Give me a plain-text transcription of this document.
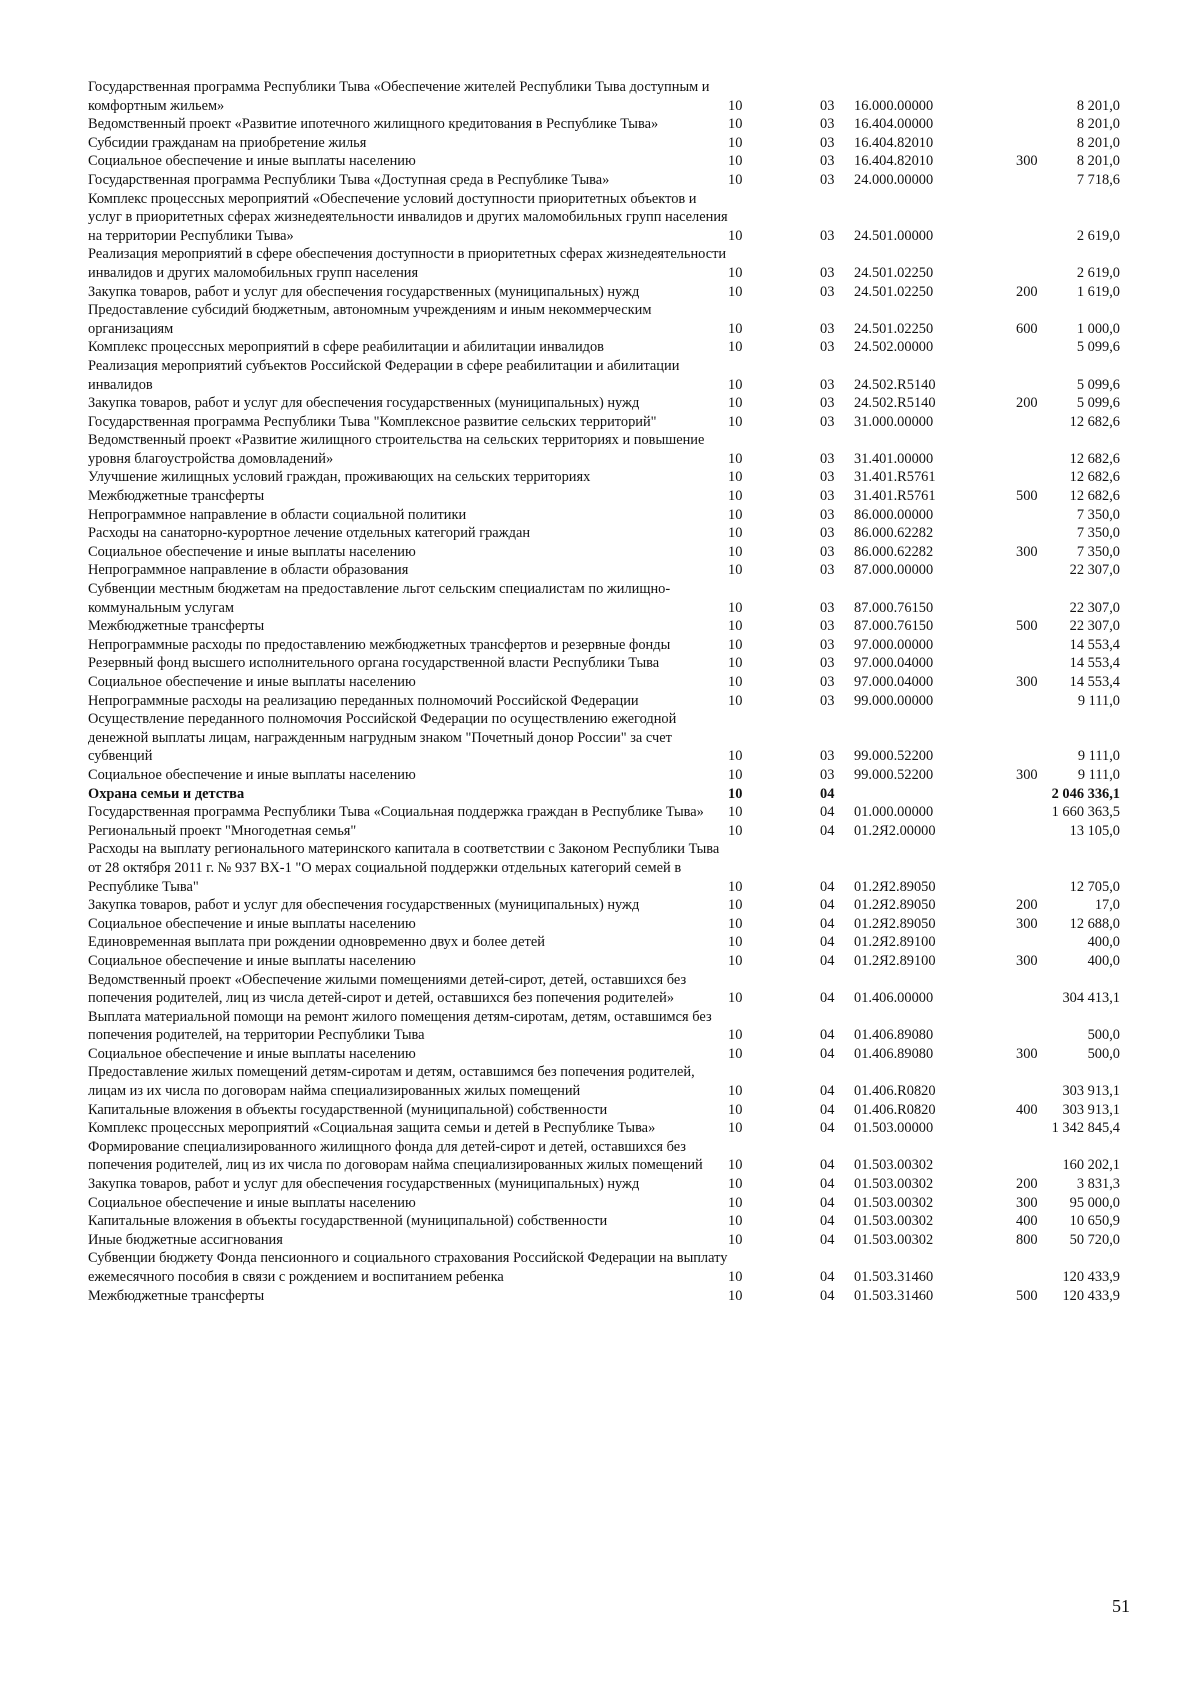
Государственная программа Республики Тыва «Обеспечение жителей Республики Тыва доступным и комфортным жильем»	10	03	16.000.00000		8 201,0
Ведомственный проект «Развитие ипотечного жилищного кредитования в Республике Тыва»	10	03	16.404.00000		8 201,0
Субсидии гражданам на приобретение жилья	10	03	16.404.82010		8 201,0
Социальное обеспечение и иные выплаты населению	10	03	16.404.82010	300	8 201,0
Государственная программа Республики Тыва «Доступная среда в Республике Тыва»	10	03	24.000.00000		7 718,6
Комплекс процессных мероприятий «Обеспечение условий доступности приоритетных объектов и услуг в приоритетных сферах жизнедеятельности инвалидов и других маломобильных групп населения на территории Республики Тыва»	10	03	24.501.00000		2 619,0
Реализация мероприятий в сфере обеспечения доступности в приоритетных сферах жизнедеятельности инвалидов и других маломобильных групп населения	10	03	24.501.02250		2 619,0
Закупка товаров, работ и услуг для обеспечения государственных (муниципальных) нужд	10	03	24.501.02250	200	1 619,0
Предоставление субсидий бюджетным, автономным учреждениям и иным некоммерческим организациям	10	03	24.501.02250	600	1 000,0
Комплекс процессных мероприятий в сфере реабилитации и абилитации инвалидов	10	03	24.502.00000		5 099,6
Реализация мероприятий субъектов Российской Федерации в сфере реабилитации и абилитации инвалидов	10	03	24.502.R5140		5 099,6
Закупка товаров, работ и услуг для обеспечения государственных (муниципальных) нужд	10	03	24.502.R5140	200	5 099,6
Государственная программа Республики Тыва "Комплексное развитие сельских территорий"	10	03	31.000.00000		12 682,6
Ведомственный проект «Развитие жилищного строительства на сельских территориях и повышение уровня благоустройства домовладений»	10	03	31.401.00000		12 682,6
Улучшение жилищных условий граждан, проживающих на сельских территориях	10	03	31.401.R5761		12 682,6
Межбюджетные трансферты	10	03	31.401.R5761	500	12 682,6
Непрограммное направление в области социальной политики	10	03	86.000.00000		7 350,0
Расходы на санаторно-курортное лечение отдельных категорий граждан	10	03	86.000.62282		7 350,0
Социальное обеспечение и иные выплаты населению	10	03	86.000.62282	300	7 350,0
Непрограммное направление в области образования	10	03	87.000.00000		22 307,0
Субвенции местным бюджетам на предоставление льгот сельским специалистам по жилищно-коммунальным услугам	10	03	87.000.76150		22 307,0
Межбюджетные трансферты	10	03	87.000.76150	500	22 307,0
Непрограммные расходы по предоставлению межбюджетных трансфертов и резервные фонды	10	03	97.000.00000		14 553,4
Резервный фонд высшего исполнительного органа государственной власти Республики Тыва	10	03	97.000.04000		14 553,4
Социальное обеспечение и иные выплаты населению	10	03	97.000.04000	300	14 553,4
Непрограммные расходы на реализацию переданных полномочий Российской Федерации	10	03	99.000.00000		9 111,0
Осуществление переданного полномочия Российской Федерации по осуществлению ежегодной денежной выплаты лицам, награжденным нагрудным знаком "Почетный донор России" за счет субвенций	10	03	99.000.52200		9 111,0
Социальное обеспечение и иные выплаты населению	10	03	99.000.52200	300	9 111,0
Охрана семьи и детства	10	04			2 046 336,1
Государственная программа Республики Тыва «Социальная поддержка граждан в Республике Тыва»	10	04	01.000.00000		1 660 363,5
Региональный проект "Многодетная семья"	10	04	01.2Я2.00000		13 105,0
Расходы на выплату регионального материнского капитала в соответствии с Законом Республики Тыва от 28 октября 2011 г. № 937 ВХ-1 "О мерах социальной поддержки отдельных категорий семей в Республике Тыва"	10	04	01.2Я2.89050		12 705,0
Закупка товаров, работ и услуг для обеспечения государственных (муниципальных) нужд	10	04	01.2Я2.89050	200	17,0
Социальное обеспечение и иные выплаты населению	10	04	01.2Я2.89050	300	12 688,0
Единовременная выплата при рождении одновременно двух и более детей	10	04	01.2Я2.89100		400,0
Социальное обеспечение и иные выплаты населению	10	04	01.2Я2.89100	300	400,0
Ведомственный проект «Обеспечение жилыми помещениями детей-сирот, детей, оставшихся без попечения родителей, лиц из числа детей-сирот и детей, оставшихся без попечения родителей»	10	04	01.406.00000		304 413,1
Выплата материальной помощи на ремонт жилого помещения детям-сиротам, детям, оставшимся без попечения родителей, на территории Республики Тыва	10	04	01.406.89080		500,0
Социальное обеспечение и иные выплаты населению	10	04	01.406.89080	300	500,0
Предоставление жилых помещений детям-сиротам и детям, оставшимся без попечения родителей, лицам из их числа по договорам найма специализированных жилых помещений	10	04	01.406.R0820		303 913,1
Капитальные вложения в объекты государственной (муниципальной) собственности	10	04	01.406.R0820	400	303 913,1
Комплекс процессных мероприятий «Социальная защита семьи и детей в Республике Тыва»	10	04	01.503.00000		1 342 845,4
Формирование специализированного жилищного фонда для детей-сирот и детей, оставшихся без попечения родителей, лиц из их числа по договорам найма специализированных жилых помещений	10	04	01.503.00302		160 202,1
Закупка товаров, работ и услуг для обеспечения государственных (муниципальных) нужд	10	04	01.503.00302	200	3 831,3
Социальное обеспечение и иные выплаты населению	10	04	01.503.00302	300	95 000,0
Капитальные вложения в объекты государственной (муниципальной) собственности	10	04	01.503.00302	400	10 650,9
Иные бюджетные ассигнования	10	04	01.503.00302	800	50 720,0
Субвенции бюджету Фонда пенсионного и социального страхования Российской Федерации на выплату ежемесячного пособия в связи с рождением и воспитанием ребенка	10	04	01.503.31460		120 433,9
Межбюджетные трансферты	10	04	01.503.31460	500	120 433,9
51
